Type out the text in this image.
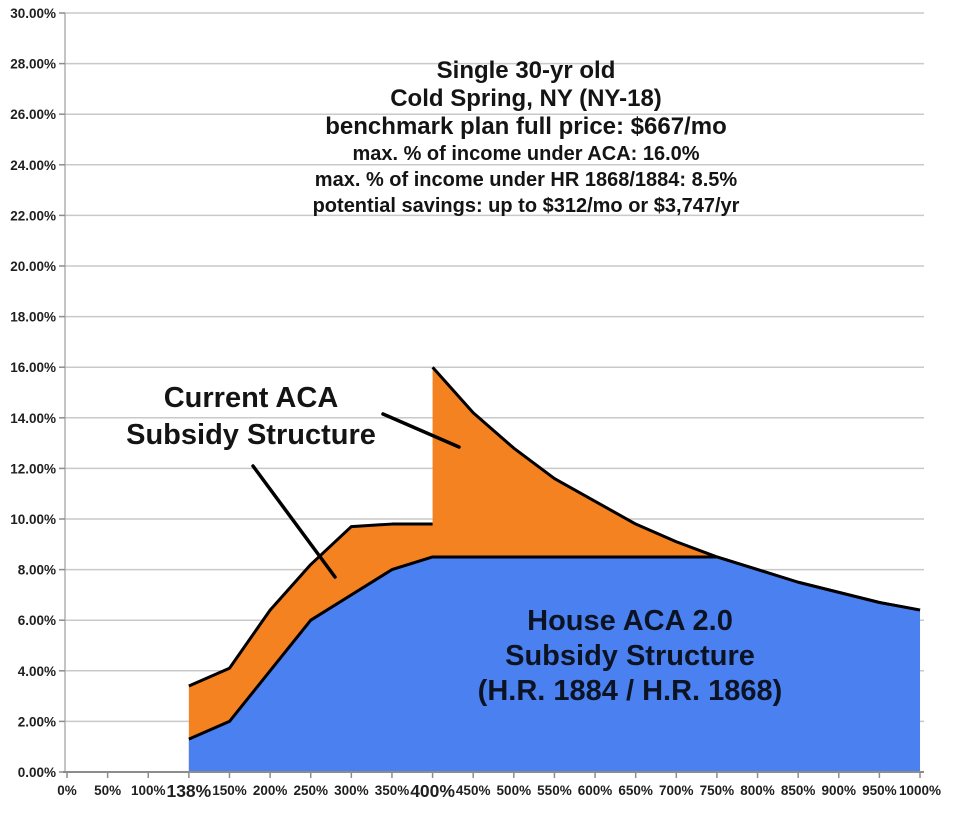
0% 50% 100% 138% 150% 200% 250% 300% 350% 400% 450% 500% 550% 600% 650% 700% 750% 800% 850% 900% 950% 1000%
0.00%
2.00%
4.00%
6.00%
8.00%
10.00%
12.00%
14.00%
16.00%
18.00%
20.00%
22.00%
24.00%
26.00%
28.00%
30.00%
Single 30-yr old
Cold Spring, NY (NY-18)
benchmark plan full price: $667/mo
max. % of income under ACA: 16.0%
max. % of income under HR 1868/1884: 8.5%
potential savings: up to $312/mo or $3,747/yr
Current ACA
Subsidy Structure
House ACA 2.0
Subsidy Structure
(H.R. 1884 / H.R. 1868)
